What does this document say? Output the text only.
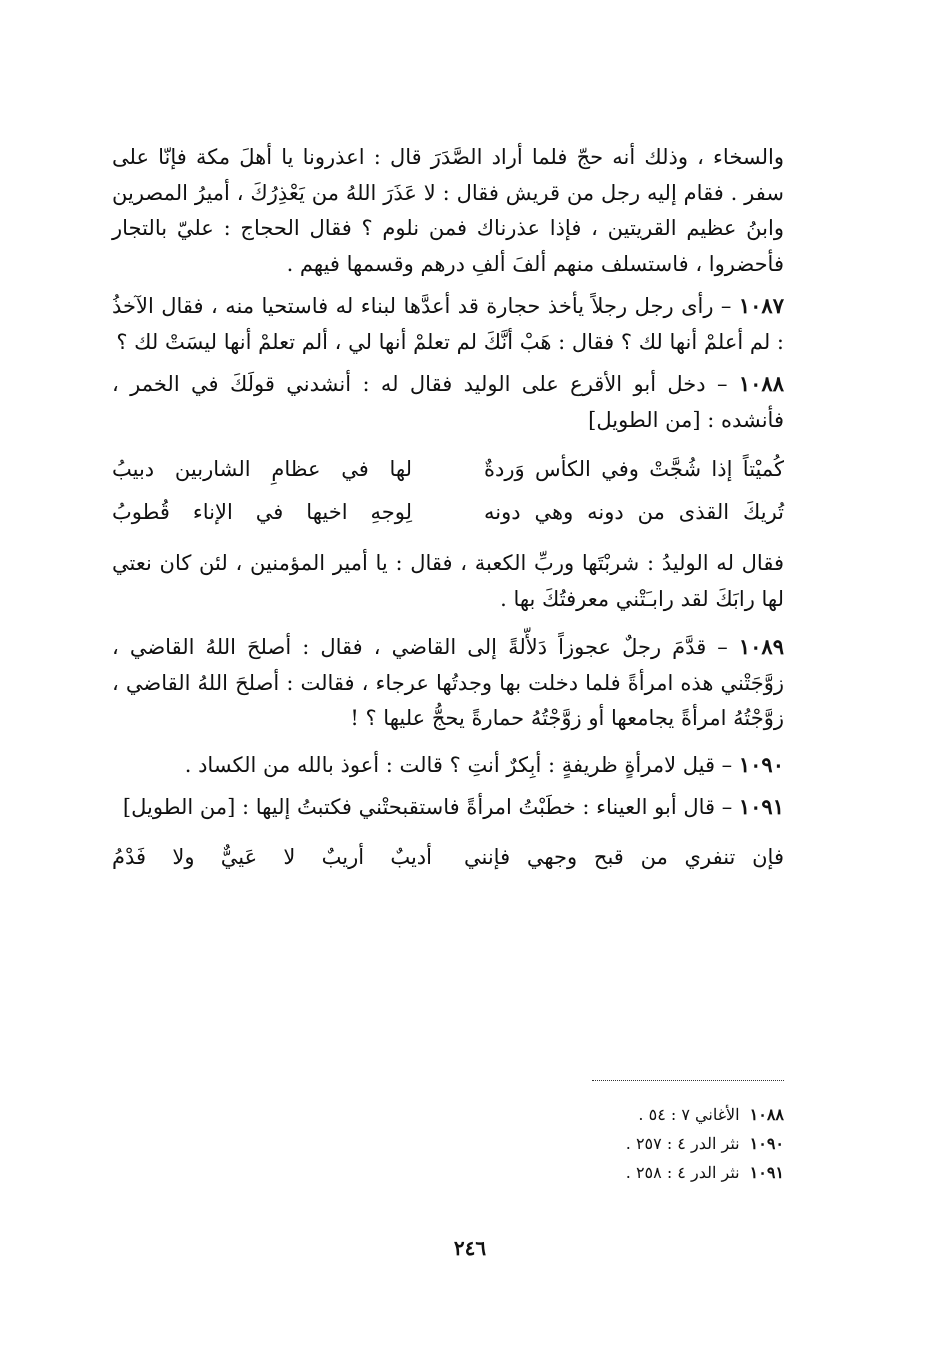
والسخاء ، وذلك أنه حجّ فلما أراد الصَّدَرَ قال : اعذرونا يا أهلَ مكة فإنّا على سفر . فقام إليه رجل من قريش فقال : لا عَذَرَ اللهُ من يَعْذِرُكَ ، أميرُ المصرين وابنُ عظيم القريتين ، فإذا عذرناك فمن نلوم ؟ فقال الحجاج : عليّ بالتجار فأحضروا ، فاستسلف منهم ألفَ ألفِ درهم وقسمها فيهم .

١٠٨٧ – رأى رجل رجلاً يأخذ حجارة قد أعدَّها لبناء له فاستحيا منه ، فقال الآخذُ : لم أعلمْ أنها لك ؟ فقال : هَبْ أنَّكَ لم تعلمْ أنها لي ، ألم تعلمْ أنها ليسَتْ لك ؟

١٠٨٨ – دخل أبو الأقرع على الوليد فقال له : أنشدني قولَكَ في الخمر ، فأنشده : [من الطويل]

كُميْتاً إذا شُجَّتْ وفي الكأس وَردةٌ
لها في عظامِ الشاربين دبيبُ
تُريكَ القذى من دونه وهي دونه
لِوجهِ اخيها في الإناء قُطوبُ

فقال له الوليدُ : شربْتَها وربِّ الكعبة ، فقال : يا أمير المؤمنين ، لئن كان نعتي لها رابَكَ لقد رابـَتْني معرفتُكَ بها .

١٠٨٩ – قدَّمَ رجلٌ عجوزاً دَلأّلةً إلى القاضي ، فقال : أصلحَ اللهُ القاضي ، زوَّجَتْني هذه امرأةً فلما دخلت بها وجدتُها عرجاء ، فقالت : أصلحَ اللهُ القاضي ، زوَّجْتُهُ امرأةً يجامعها أو زوَّجْتُهُ حمارةً يحجُّ عليها ؟ !

١٠٩٠ – قيل لامرأةٍ ظريفةٍ : أبِكرٌ أنتِ ؟ قالت : أعوذ بالله من الكساد .

١٠٩١ – قال أبو العيناء : خطَبْتُ امرأةً فاستقبحتْني فكتبتُ إليها : [من الطويل]

فإن تنفري من قبح وجهي فإنني
أديبٌ أريبٌ لا عَييٌّ ولا فَدْمُ

١٠٨٨الأغاني ٧ : ٥٤ .

١٠٩٠نثر الدر ٤ : ٢٥٧ .

١٠٩١نثر الدر ٤ : ٢٥٨ .

٢٤٦
